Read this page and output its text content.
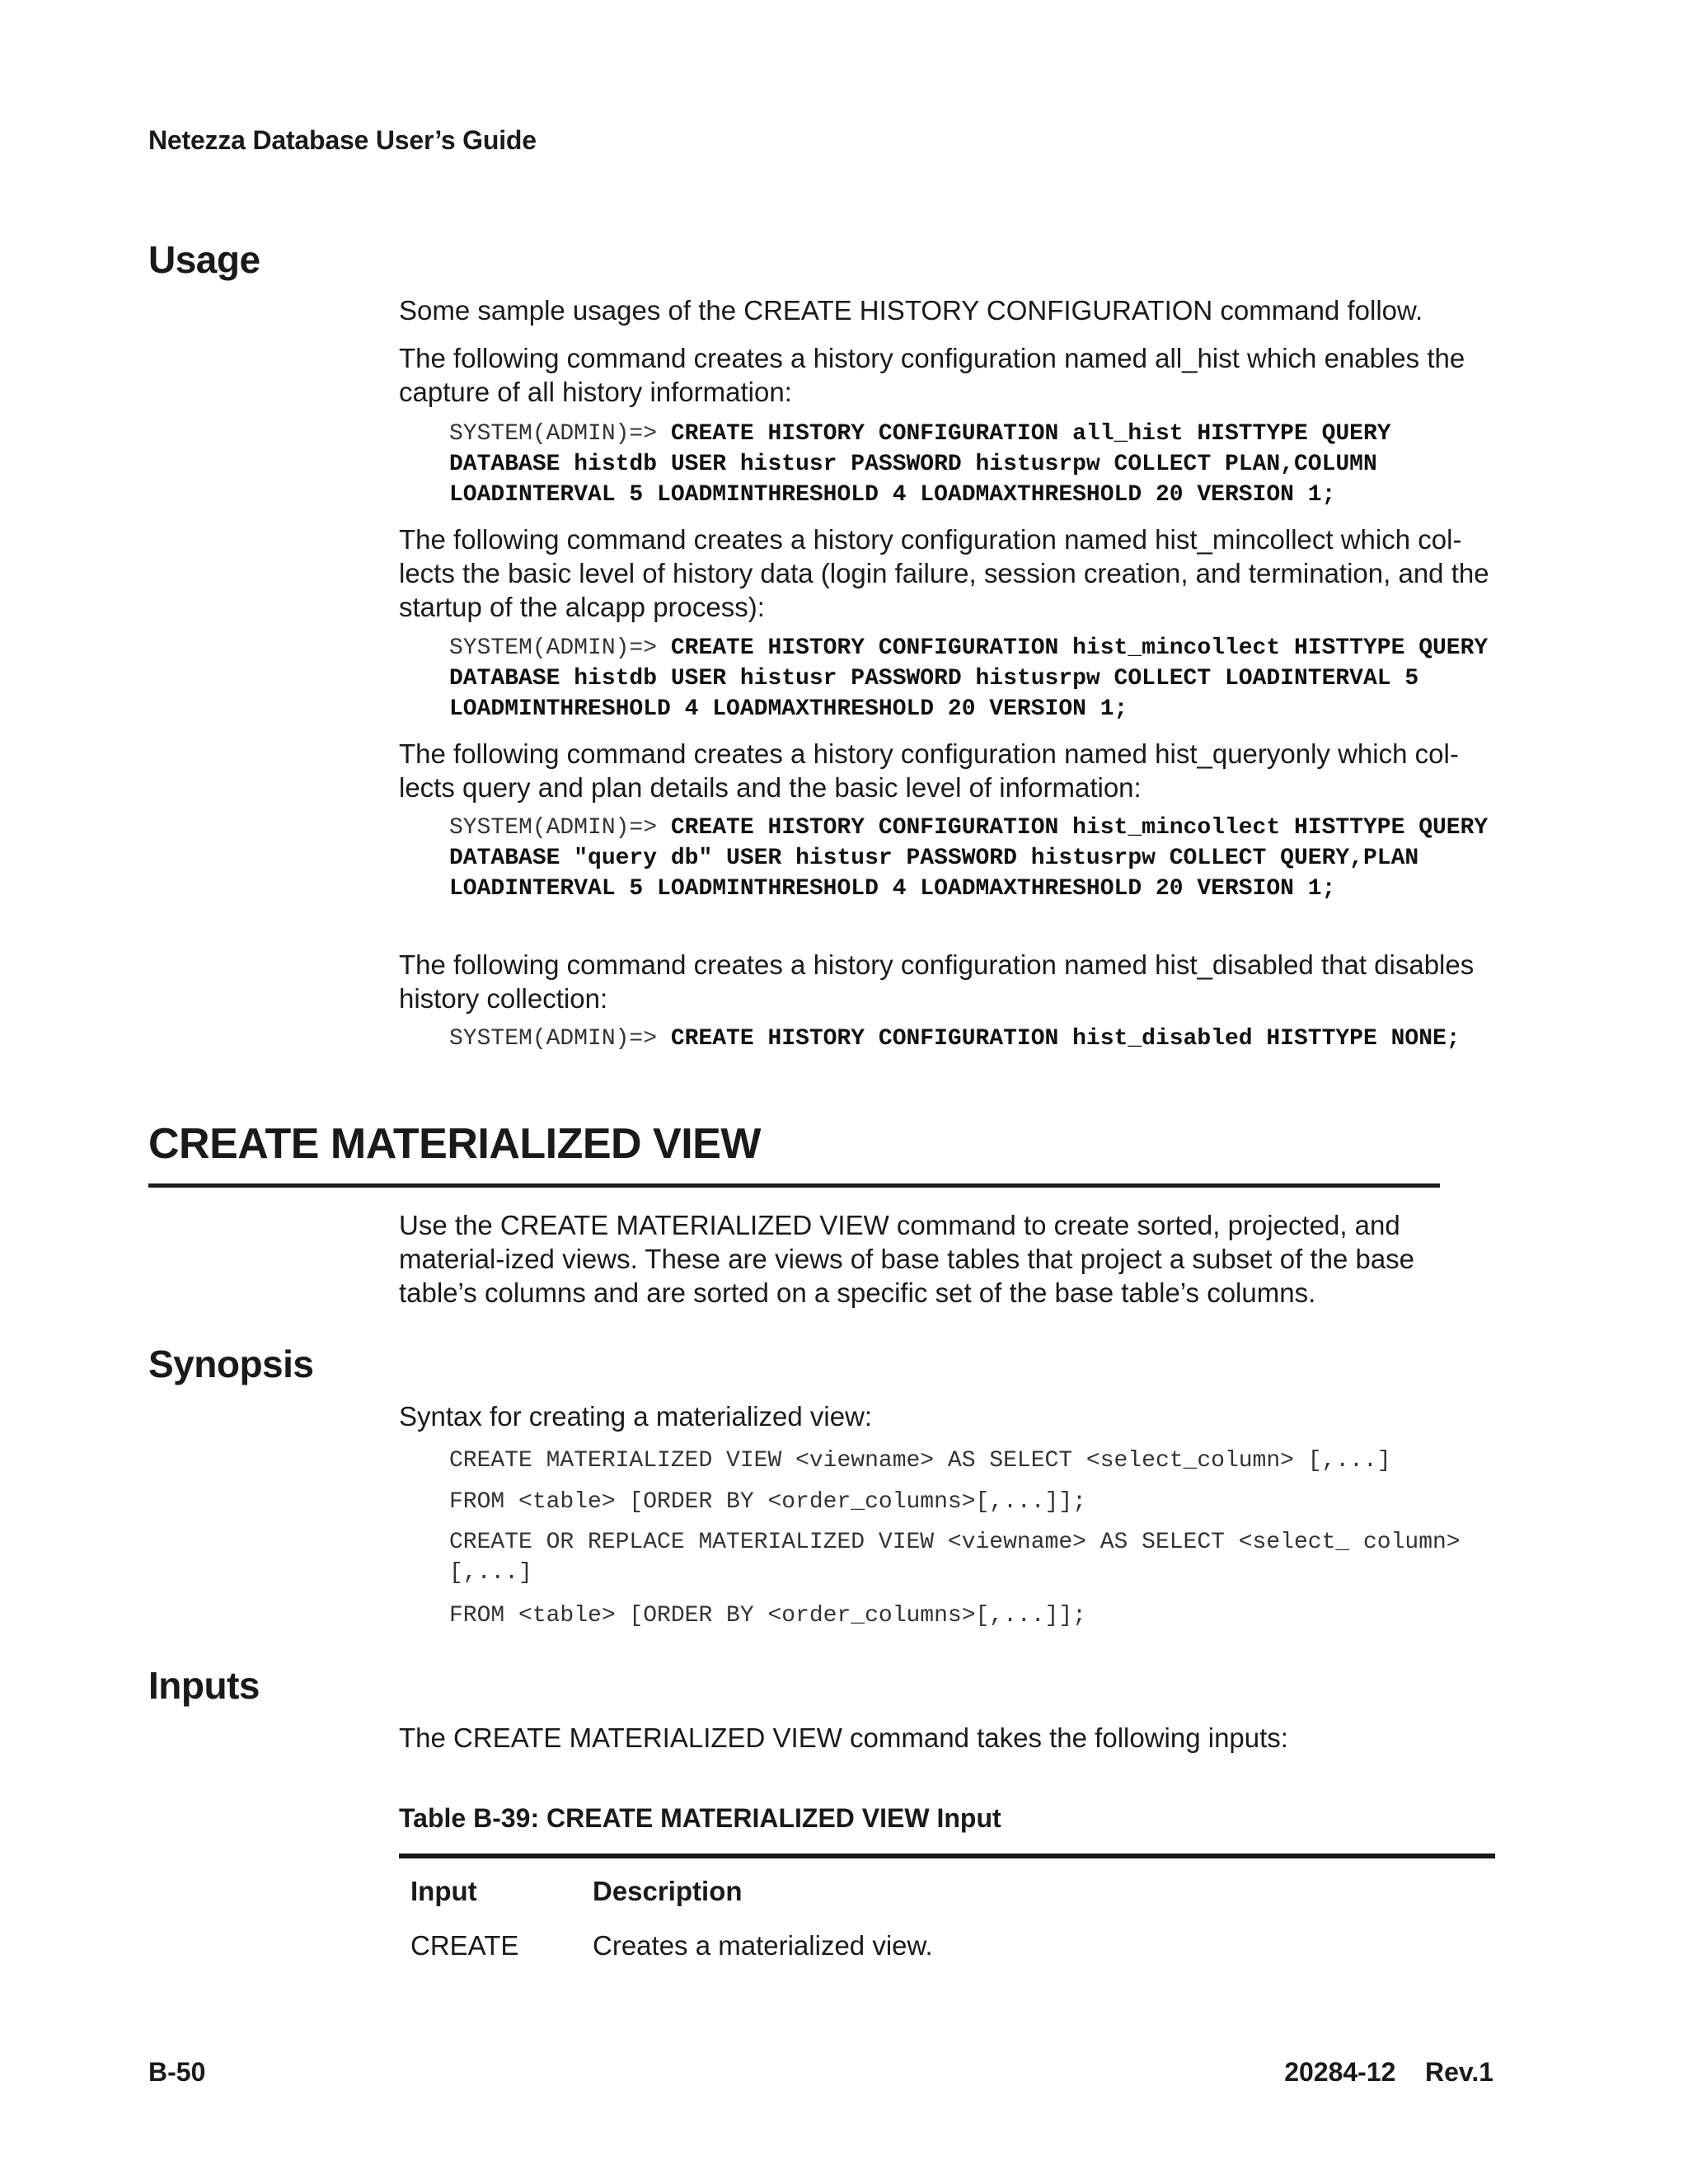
Netezza Database User’s Guide
Usage

Some sample usages of the CREATE HISTORY CONFIGURATION command follow.

The following command creates a history configuration named all_hist which enables the capture of all history information:

SYSTEM(ADMIN)=> CREATE HISTORY CONFIGURATION all_hist HISTTYPE QUERY DATABASE histdb USER histusr PASSWORD histusrpw COLLECT PLAN,COLUMN LOADINTERVAL 5 LOADMINTHRESHOLD 4 LOADMAXTHRESHOLD 20 VERSION 1;

The following command creates a history configuration named hist_mincollect which col-lects the basic level of history data (login failure, session creation, and termination, and the startup of the alcapp process):

SYSTEM(ADMIN)=> CREATE HISTORY CONFIGURATION hist_mincollect HISTTYPE QUERY DATABASE histdb USER histusr PASSWORD histusrpw COLLECT LOADINTERVAL 5 LOADMINTHRESHOLD 4 LOADMAXTHRESHOLD 20 VERSION 1;

The following command creates a history configuration named hist_queryonly which col-lects query and plan details and the basic level of information:

SYSTEM(ADMIN)=> CREATE HISTORY CONFIGURATION hist_mincollect HISTTYPE QUERY DATABASE "query db" USER histusr PASSWORD histusrpw COLLECT QUERY,PLAN LOADINTERVAL 5 LOADMINTHRESHOLD 4 LOADMAXTHRESHOLD 20 VERSION 1;

The following command creates a history configuration named hist_disabled that disables history collection:

SYSTEM(ADMIN)=> CREATE HISTORY CONFIGURATION hist_disabled HISTTYPE NONE;
CREATE MATERIALIZED VIEW

Use the CREATE MATERIALIZED VIEW command to create sorted, projected, and material-ized views. These are views of base tables that project a subset of the base table’s columns and are sorted on a specific set of the base table’s columns.

Synopsis

Syntax for creating a materialized view:

CREATE MATERIALIZED VIEW <viewname> AS SELECT <select_column> [,...]
FROM <table> [ORDER BY <order_columns>[,...]];
CREATE OR REPLACE MATERIALIZED VIEW <viewname> AS SELECT <select_ column> [,...]
FROM <table> [ORDER BY <order_columns>[,...]];
Inputs

The CREATE MATERIALIZED VIEW command takes the following inputs:

Table B-39: CREATE MATERIALIZED VIEW Input
Input	Description
CREATE	Creates a materialized view.
B-50	20284-12    Rev.1
